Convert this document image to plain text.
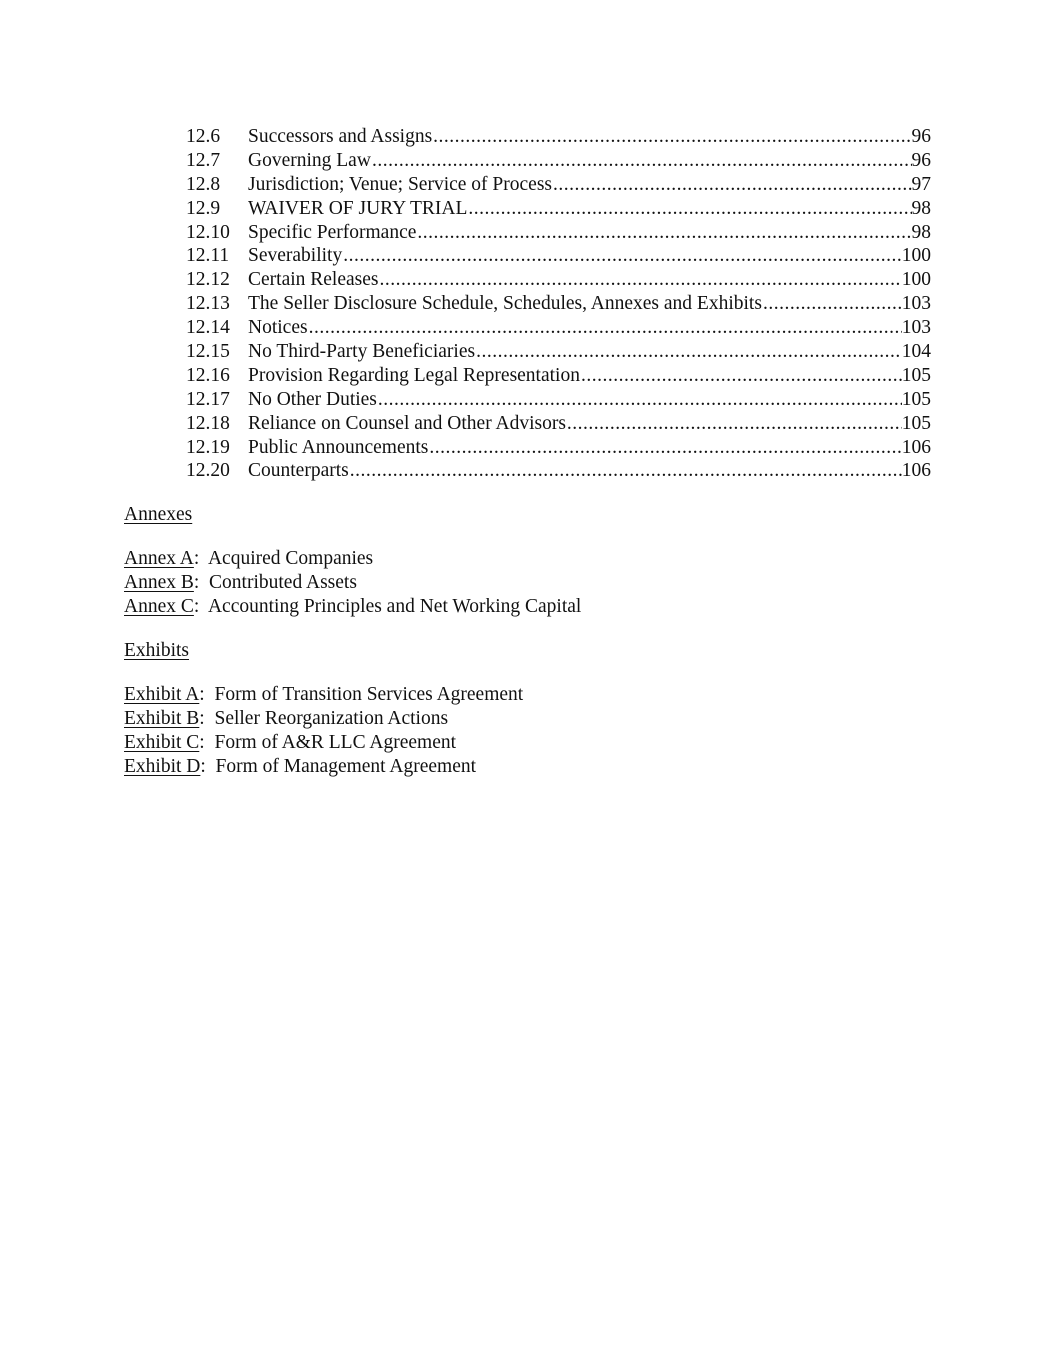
12.6	Successors and Assigns .....	96
12.7	Governing Law .....	96
12.8	Jurisdiction; Venue; Service of Process .....	97
12.9	WAIVER OF JURY TRIAL .....	98
12.10 Specific Performance .....	98
12.11 Severability .....	100
12.12 Certain Releases .....	100
12.13 The Seller Disclosure Schedule, Schedules, Annexes and Exhibits .....	103
12.14 Notices .....	103
12.15 No Third-Party Beneficiaries .....	104
12.16 Provision Regarding Legal Representation .....	105
12.17 No Other Duties .....	105
12.18 Reliance on Counsel and Other Advisors .....	105
12.19 Public Announcements .....	106
12.20 Counterparts .....	106
Annexes
Annex A:  Acquired Companies
Annex B:  Contributed Assets
Annex C:  Accounting Principles and Net Working Capital
Exhibits
Exhibit A:  Form of Transition Services Agreement
Exhibit B:  Seller Reorganization Actions
Exhibit C:  Form of A&R LLC Agreement
Exhibit D:  Form of Management Agreement
